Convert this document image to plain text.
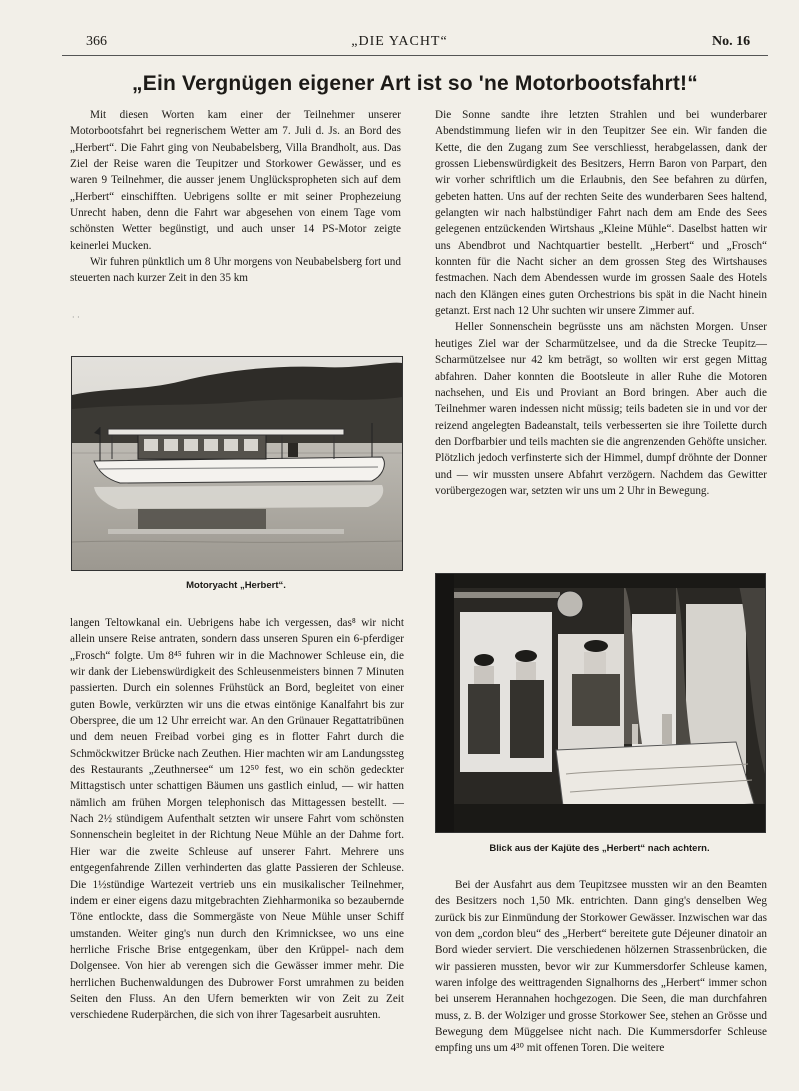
366	„DIE YACHT“	No. 16
„Ein Vergnügen eigener Art ist so 'ne Motorbootsfahrt!“

Mit diesen Worten kam einer der Teilnehmer unserer Motorbootsfahrt bei regnerischem Wetter am 7. Juli d. Js. an Bord des „Herbert“. Die Fahrt ging von Neubabelsberg, Villa Brandholt, aus. Das Ziel der Reise waren die Teupitzer und Storkower Gewässer, und es waren 9 Teilnehmer, die ausser jenem Unglückspropheten sich auf dem „Herbert“ einschifften. Uebrigens sollte er mit seiner Prophezeiung Unrecht haben, denn die Fahrt war abgesehen von einem Tage vom schönsten Wetter begünstigt, und auch unser 14 PS-Motor zeigte keinerlei Mucken.

Wir fuhren pünktlich um 8 Uhr morgens von Neubabelsberg fort und steuerten nach kurzer Zeit in den 35 km

· ·
Motoryacht „Herbert“.

langen Teltowkanal ein. Uebrigens habe ich vergessen, das⁸ wir nicht allein unsere Reise antraten, sondern dass unseren Spuren ein 6-pferdiger „Frosch“ folgte. Um 8⁴⁵ fuhren wir in die Machnower Schleuse ein, die wir dank der Liebenswürdigkeit des Schleusenmeisters binnen 7 Minuten passierten. Durch ein solennes Frühstück an Bord, begleitet von einer guten Bowle, verkürzten wir uns die etwas eintönige Kanalfahrt bis zur Oberspree, die um 12 Uhr erreicht war. An den Grünauer Regattatribünen und dem neuen Freibad vorbei ging es in flotter Fahrt durch die Schmöckwitzer Brücke nach Zeuthen. Hier machten wir am Landungssteg des Restaurants „Zeuthnersee“ um 12⁵⁰ fest, wo ein schön gedeckter Mittagstisch unter schattigen Bäumen uns gastlich einlud, — wir hatten nämlich am frühen Morgen telephonisch das Mittagessen bestellt. — Nach 2½ stündigem Aufenthalt setzten wir unsere Fahrt vom schönsten Sonnenschein begleitet in der Richtung Neue Mühle an der Dahme fort. Hier war die zweite Schleuse auf unserer Fahrt. Mehrere uns entgegenfahrende Zillen verhinderten das glatte Passieren der Schleuse. Die 1½stündige Wartezeit vertrieb uns ein musikalischer Teilnehmer, indem er einer eigens dazu mitgebrachten Ziehharmonika so bezaubernde Töne entlockte, dass die Sommergäste von Neue Mühle unser Schiff umstanden. Weiter ging's nun durch den Krimnicksee, wo uns eine herrliche Frische Brise entgegenkam, über den Krüppel- nach dem Dolgensee. Von hier ab verengen sich die Gewässer immer mehr. Die herrlichen Buchenwaldungen des Dubrower Forst umrahmen zu beiden Seiten den Fluss. An den Ufern bemerkten wir von Zeit zu Zeit verschiedene Ruderpärchen, die sich von ihrer Tagesarbeit ausruhten.

Die Sonne sandte ihre letzten Strahlen und bei wunderbarer Abendstimmung liefen wir in den Teupitzer See ein. Wir fanden die Kette, die den Zugang zum See verschliesst, herabgelassen, dank der grossen Liebenswürdigkeit des Besitzers, Herrn Baron von Parpart, den wir vorher schriftlich um die Erlaubnis, den See befahren zu dürfen, gebeten hatten. Uns auf der rechten Seite des wunderbaren Sees haltend, gelangten wir nach halbstündiger Fahrt nach dem am Ende des Sees gelegenen entzückenden Wirtshaus „Kleine Mühle“. Daselbst hatten wir uns Abendbrot und Nachtquartier bestellt. „Herbert“ und „Frosch“ konnten für die Nacht sicher an dem grossen Steg des Wirtshauses festmachen. Nach dem Abendessen wurde im grossen Saale des Hotels nach den Klängen eines guten Orchestrions bis spät in die Nacht hinein getanzt. Erst nach 12 Uhr suchten wir unsere Zimmer auf.

Heller Sonnenschein begrüsste uns am nächsten Morgen. Unser heutiges Ziel war der Scharmützelsee, und da die Strecke Teupitz—Scharmützelsee nur 42 km beträgt, so wollten wir erst gegen Mittag abfahren. Daher konnten die Bootsleute in aller Ruhe die Motoren nachsehen, und Eis und Proviant an Bord bringen. Aber auch die Teilnehmer waren indessen nicht müssig; teils badeten sie in und vor der reizend angelegten Badeanstalt, teils verbesserten sie ihre Toilette durch den Dorfbarbier und teils machten sie die angrenzenden Gehöfte unsicher. Plötzlich jedoch verfinsterte sich der Himmel, dumpf dröhnte der Donner und — wir mussten unsere Abfahrt verzögern. Nachdem das Gewitter vorübergezogen war, setzten wir uns um 2 Uhr in Bewegung.

Blick aus der Kajüte des „Herbert“ nach achtern.

Bei der Ausfahrt aus dem Teupitzsee mussten wir an den Beamten des Besitzers noch 1,50 Mk. entrichten. Dann ging's denselben Weg zurück bis zur Einmündung der Storkower Gewässer. Inzwischen war das von dem „cordon bleu“ des „Herbert“ bereitete gute Déjeuner dinatoir an Bord wieder serviert. Die verschiedenen hölzernen Strassenbrücken, die wir passieren mussten, bevor wir zur Kummersdorfer Schleuse kamen, waren infolge des weittragenden Signalhorns des „Herbert“ immer schon bei unserem Herannahen hochgezogen. Die Seen, die man durchfahren muss, z. B. der Wolziger und grosse Storkower See, stehen an Grösse und Bewegung dem Müggelsee nicht nach. Die Kummersdorfer Schleuse empfing uns um 4³⁰ mit offenen Toren. Die weitere
